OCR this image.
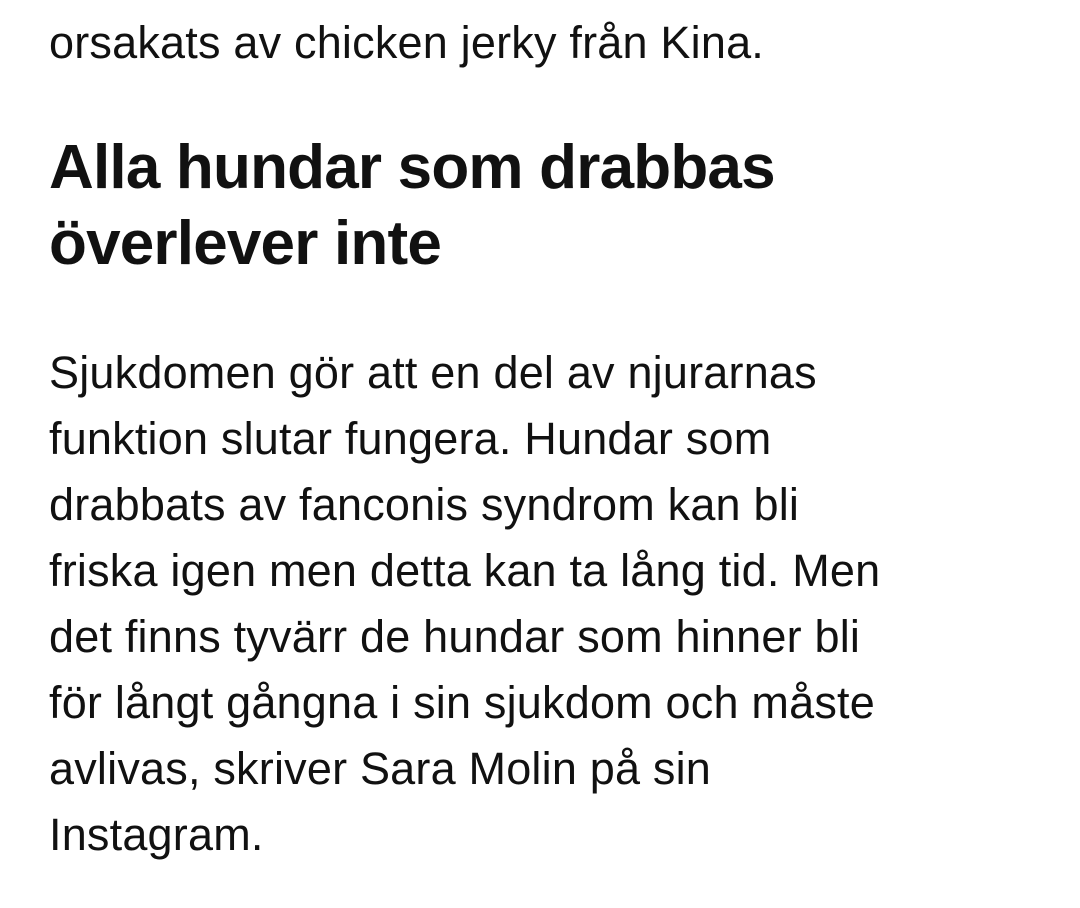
orsakats av chicken jerky från Kina.

Alla hundar som drabbas
överlever inte

Sjukdomen gör att en del av njurarnas
funktion slutar fungera. Hundar som
drabbats av fanconis syndrom kan bli
friska igen men detta kan ta lång tid. Men
det finns tyvärr de hundar som hinner bli
för långt gångna i sin sjukdom och måste
avlivas, skriver Sara Molin på sin
Instagram.
